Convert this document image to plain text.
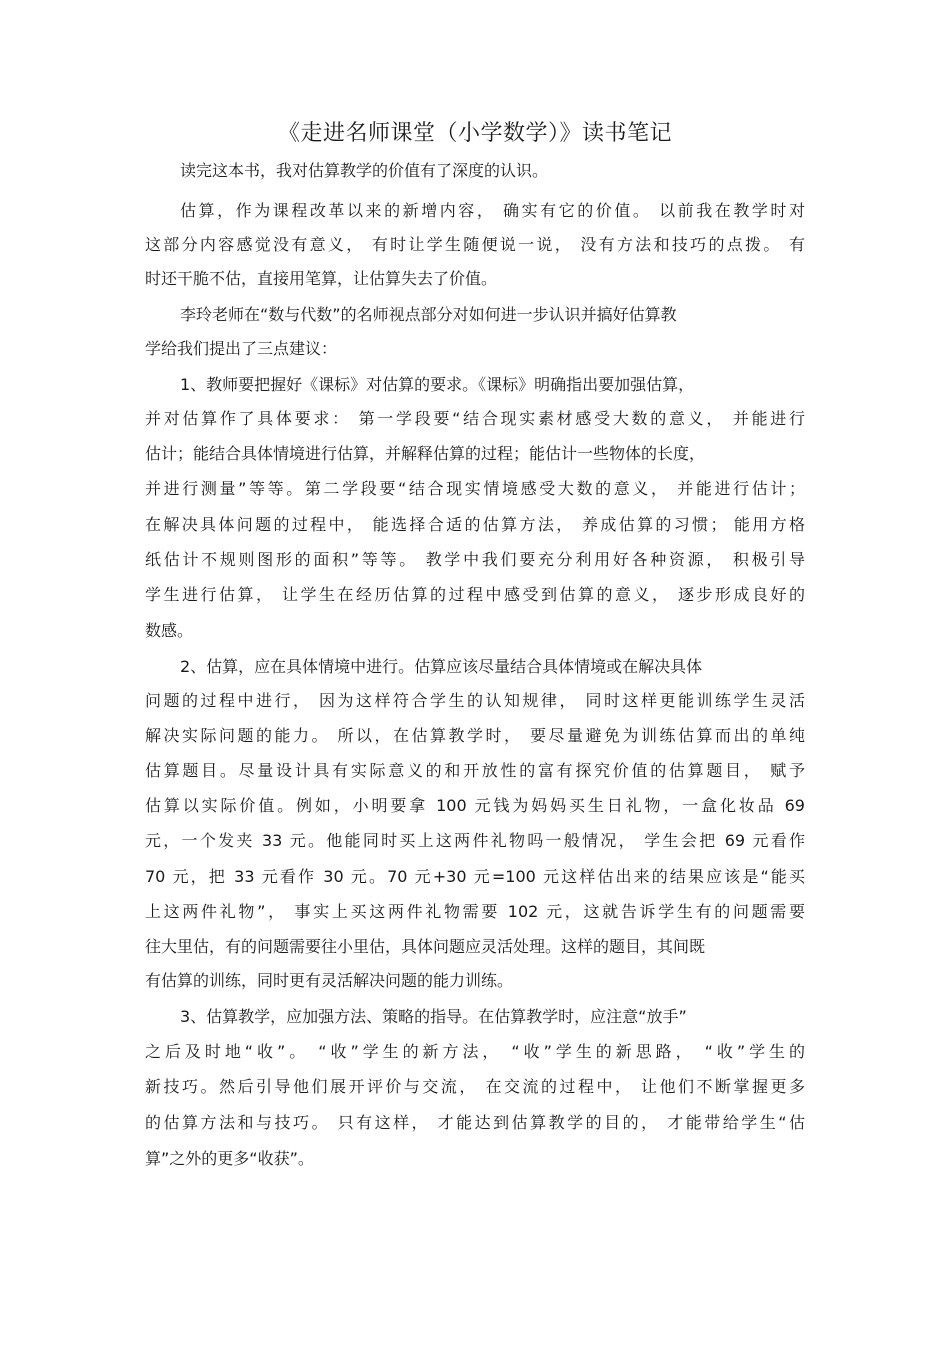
《走进名师课堂（小学数学）》读书笔记
读完这本书，我对估算教学的价值有了深度的认识。
估算，作为课程改革以来的新增内容， 确实有它的价值。 以前我在教学时对
这部分内容感觉没有意义， 有时让学生随便说一说， 没有方法和技巧的点拨。 有
时还干脆不估，直接用笔算，让估算失去了价值。
李玲老师在“数与代数”的名师视点部分对如何进一步认识并搞好估算教
学给我们提出了三点建议：
1、教师要把握好《课标》对估算的要求。《课标》明确指出要加强估算，
并对估算作了具体要求： 第一学段要“结合现实素材感受大数的意义， 并能进行
估计；能结合具体情境进行估算，并解释估算的过程；能估计一些物体的长度，
并进行测量”等等。第二学段要“结合现实情境感受大数的意义， 并能进行估计；
在解决具体问题的过程中， 能选择合适的估算方法， 养成估算的习惯； 能用方格
纸估计不规则图形的面积”等等。 教学中我们要充分利用好各种资源， 积极引导
学生进行估算， 让学生在经历估算的过程中感受到估算的意义， 逐步形成良好的
数感。
2、估算，应在具体情境中进行。估算应该尽量结合具体情境或在解决具体
问题的过程中进行， 因为这样符合学生的认知规律， 同时这样更能训练学生灵活
解决实际问题的能力。 所以，在估算教学时， 要尽量避免为训练估算而出的单纯
估算题目。尽量设计具有实际意义的和开放性的富有探究价值的估算题目， 赋予
估算以实际价值。例如，小明要拿 100 元钱为妈妈买生日礼物，一盒化妆品 69
元，一个发夹 33 元。他能同时买上这两件礼物吗一般情况， 学生会把 69 元看作
70 元，把 33 元看作 30 元。70 元+30 元=100 元这样估出来的结果应该是“能买
上这两件礼物”， 事实上买这两件礼物需要 102 元，这就告诉学生有的问题需要
往大里估，有的问题需要往小里估，具体问题应灵活处理。这样的题目，其间既
有估算的训练，同时更有灵活解决问题的能力训练。
3、估算教学，应加强方法、策略的指导。在估算教学时，应注意“放手”
之后及时地“收”。 “收”学生的新方法， “收”学生的新思路， “收”学生的
新技巧。然后引导他们展开评价与交流， 在交流的过程中， 让他们不断掌握更多
的估算方法和与技巧。 只有这样， 才能达到估算教学的目的， 才能带给学生“估
算”之外的更多“收获”。
